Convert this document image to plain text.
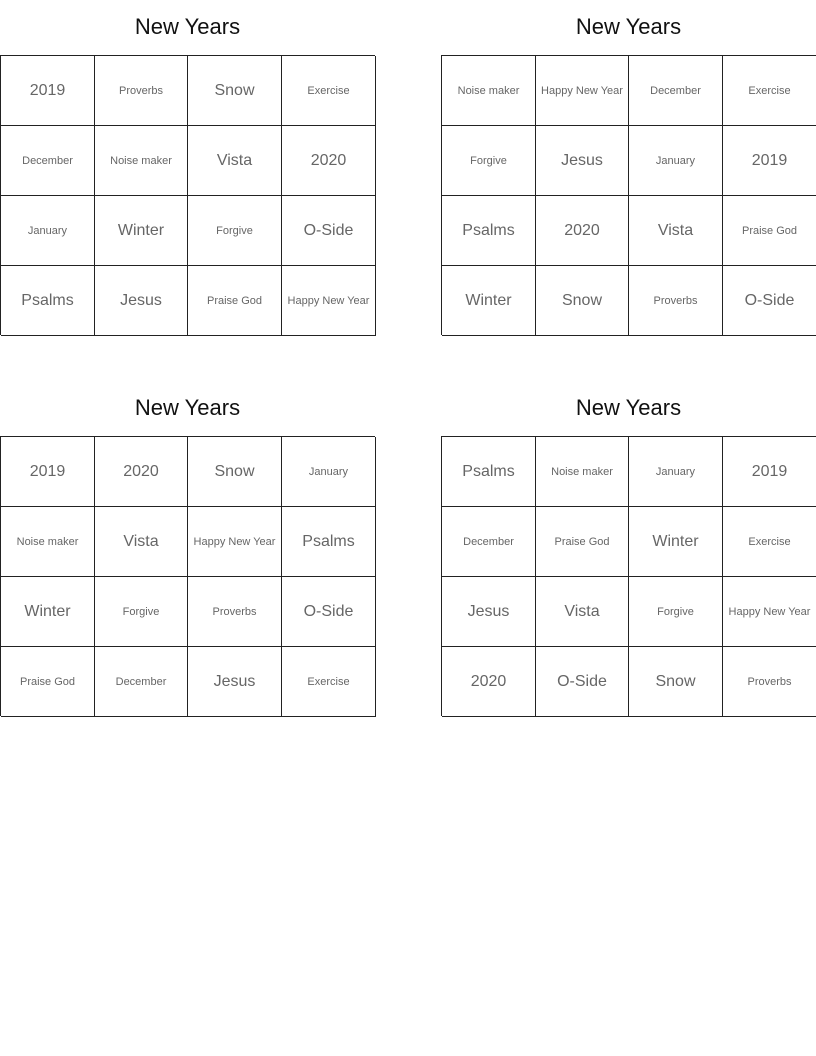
New Years
2019	Proverbs	Snow	Exercise
December	Noise maker	Vista	2020
January	Winter	Forgive	O-Side
Psalms	Jesus	Praise God	Happy New Year
New Years
Noise maker	Happy New Year	December	Exercise
Forgive	Jesus	January	2019
Psalms	2020	Vista	Praise God
Winter	Snow	Proverbs	O-Side
New Years
2019	2020	Snow	January
Noise maker	Vista	Happy New Year	Psalms
Winter	Forgive	Proverbs	O-Side
Praise God	December	Jesus	Exercise
New Years
Psalms	Noise maker	January	2019
December	Praise God	Winter	Exercise
Jesus	Vista	Forgive	Happy New Year
2020	O-Side	Snow	Proverbs
